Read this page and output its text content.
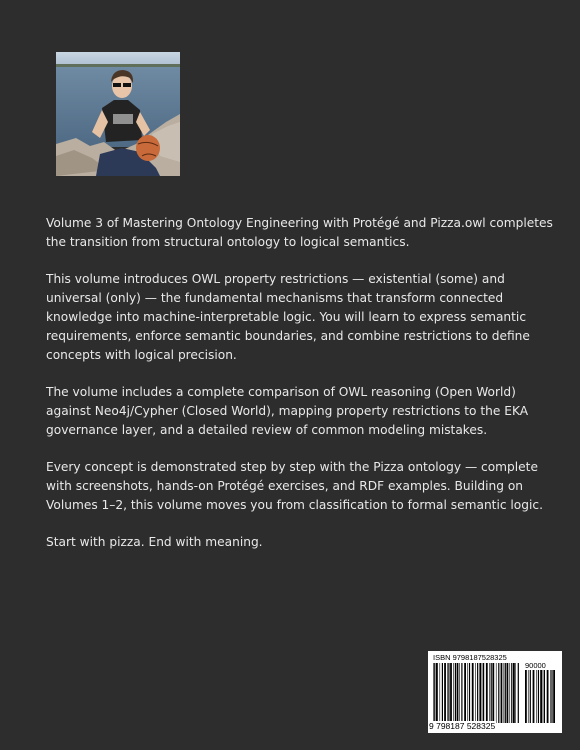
Volume 3 of Mastering Ontology Engineering with Protégé and Pizza.owl completes the transition from structural ontology to logical semantics.

This volume introduces OWL property restrictions — existential (some) and universal (only) — the fundamental mechanisms that transform connected knowledge into machine-interpretable logic. You will learn to express semantic requirements, enforce semantic boundaries, and combine restrictions to define concepts with logical precision.

The volume includes a complete comparison of OWL reasoning (Open World) against Neo4j/Cypher (Closed World), mapping property restrictions to the EKA governance layer, and a detailed review of common modeling mistakes.

Every concept is demonstrated step by step with the Pizza ontology — complete with screenshots, hands-on Protégé exercises, and RDF examples. Building on Volumes 1–2, this volume moves you from classification to formal semantic logic.

Start with pizza. End with meaning.

ISBN 9798187528325
90000
9 798187 528325
